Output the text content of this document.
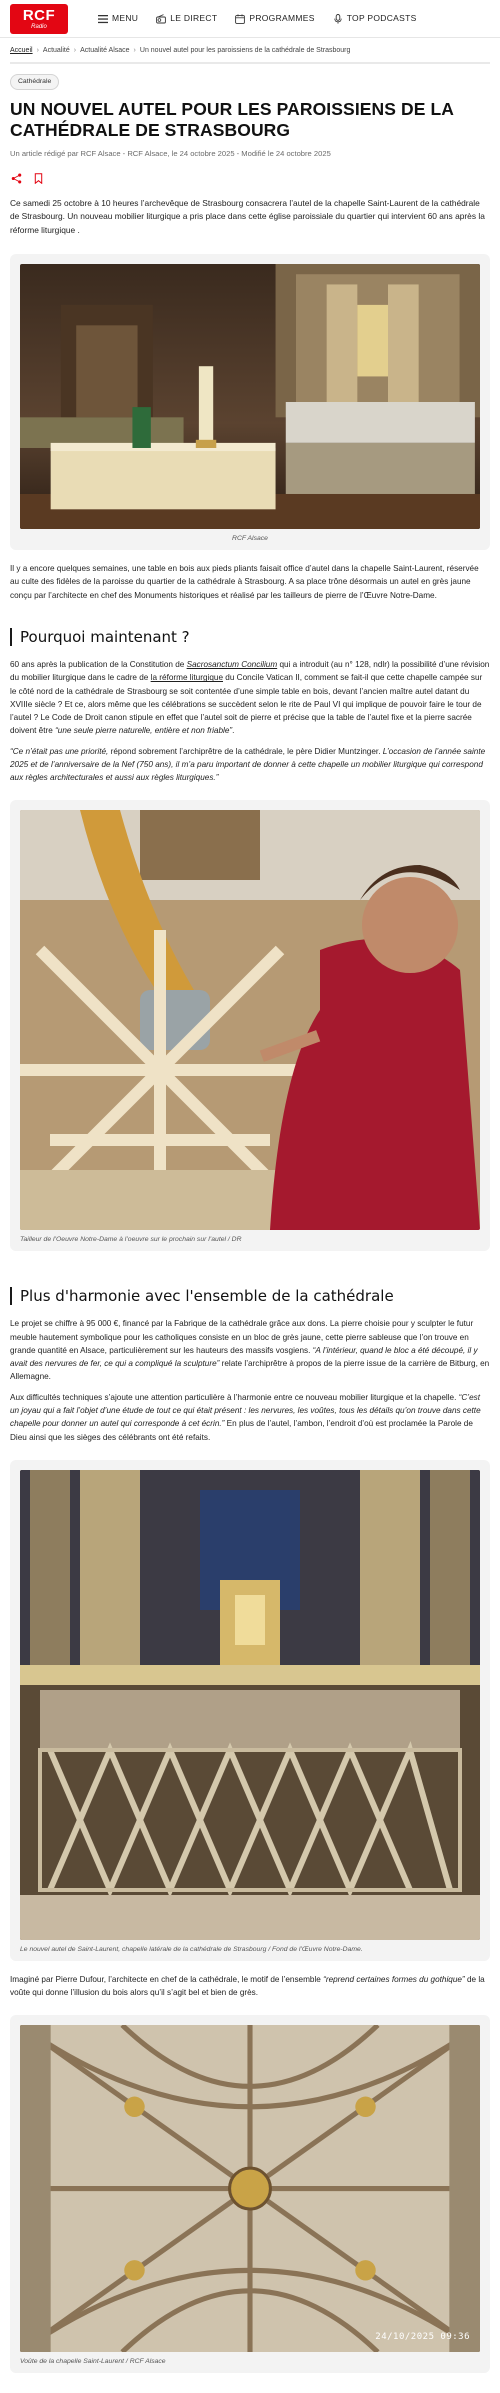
RCF
Radio
MENU	LE DIRECT	PROGRAMMES	TOP PODCASTS
Accueil › Actualité › Actualité Alsace › Un nouvel autel pour les paroissiens de la cathédrale de Strasbourg
Cathédrale
UN NOUVEL AUTEL POUR LES PAROISSIENS DE LA CATHÉDRALE DE STRASBOURG
Un article rédigé par RCF Alsace - RCF Alsace, le 24 octobre 2025 - Modifié le 24 octobre 2025

Ce samedi 25 octobre à 10 heures l’archevêque de Strasbourg consacrera l’autel de la chapelle Saint-Laurent de la cathédrale de Strasbourg. Un nouveau mobilier liturgique a pris place dans cette église paroissiale du quartier qui intervient 60 ans après la réforme liturgique .

RCF Alsace

Il y a encore quelques semaines, une table en bois aux pieds pliants faisait office d’autel dans la chapelle Saint-Laurent, réservée au culte des fidèles de la paroisse du quartier de la cathédrale à Strasbourg. A sa place trône désormais un autel en grès jaune conçu par l’architecte en chef des Monuments historiques et réalisé par les tailleurs de pierre de l’Œuvre Notre-Dame.

Pourquoi maintenant ?

60 ans après la publication de la Constitution de Sacrosanctum Concilium qui a introduit (au n° 128, ndlr) la possibilité d’une révision du mobilier liturgique dans le cadre de la réforme liturgique du Concile Vatican II, comment se fait-il que cette chapelle campée sur le côté nord de la cathédrale de Strasbourg se soit contentée d’une simple table en bois, devant l’ancien maître autel datant du XVIIIe siècle ? Et ce, alors même que les célébrations se succèdent selon le rite de Paul VI qui implique de pouvoir faire le tour de l’autel ? Le Code de Droit canon stipule en effet que l’autel soit de pierre et précise que la table de l’autel fixe et la pierre sacrée doivent être “une seule pierre naturelle, entière et non friable”.

“Ce n’était pas une priorité, répond sobrement l’archiprêtre de la cathédrale, le père Didier Muntzinger. L’occasion de l’année sainte 2025 et de l’anniversaire de la Nef (750 ans), il m’a paru important de donner à cette chapelle un mobilier liturgique qui correspond aux règles architecturales et aussi aux règles liturgiques.”

Tailleur de l’Oeuvre Notre-Dame à l’oeuvre sur le prochain sur l’autel / DR
Plus d'harmonie avec l'ensemble de la cathédrale

Le projet se chiffre à 95 000 €, financé par la Fabrique de la cathédrale grâce aux dons. La pierre choisie pour y sculpter le futur meuble hautement symbolique pour les catholiques consiste en un bloc de grès jaune, cette pierre sableuse que l’on trouve en grande quantité en Alsace, particulièrement sur les hauteurs des massifs vosgiens. “A l’intérieur, quand le bloc a été découpé, il y avait des nervures de fer, ce qui a compliqué la sculpture” relate l’archiprêtre à propos de la pierre issue de la carrière de Bitburg, en Allemagne.

Aux difficultés techniques s’ajoute une attention particulière à l’harmonie entre ce nouveau mobilier liturgique et la chapelle. “C’est un joyau qui a fait l’objet d’une étude de tout ce qui était présent : les nervures, les voûtes, tous les détails qu’on trouve dans cette chapelle pour donner un autel qui corresponde à cet écrin.” En plus de l’autel, l’ambon, l’endroit d’où est proclamée la Parole de Dieu ainsi que les sièges des célébrants ont été refaits.

Le nouvel autel de Saint-Laurent, chapelle latérale de la cathédrale de Strasbourg / Fond de l’Œuvre Notre-Dame.

Imaginé par Pierre Dufour, l’architecte en chef de la cathédrale, le motif de l’ensemble “reprend certaines formes du gothique” de la voûte qui donne l’illusion du bois alors qu’il s’agit bel et bien de grès.

24/10/2025 09:36
Voûte de la chapelle Saint-Laurent / RCF Alsace
